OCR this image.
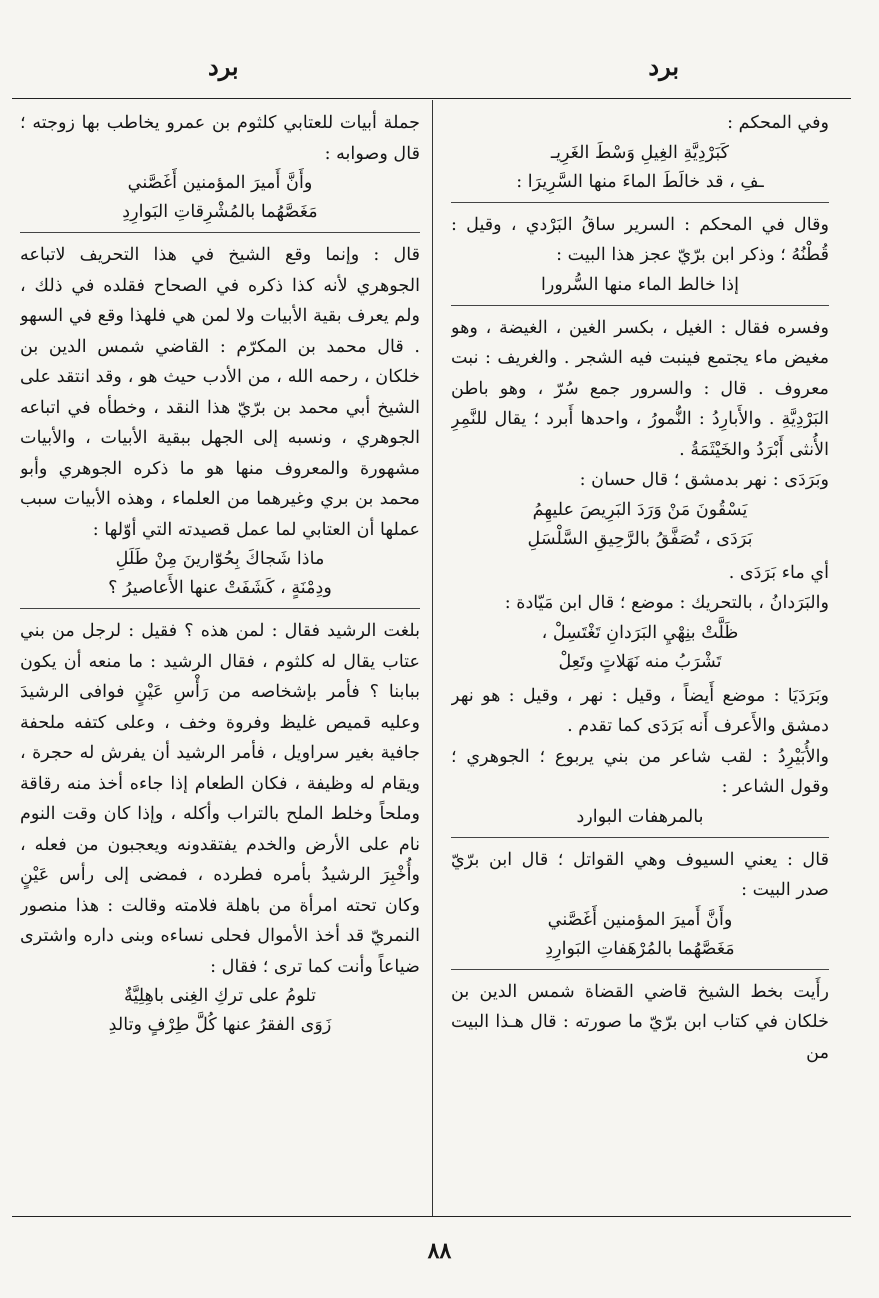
برد
برد

وفي المحكم :

كَبَرْدِيَّةِ الغِيلِ وَسْطَ الغَرِيـ
ـفِ ، قد خالَطَ الماءَ منها السَّرِيرَا :

وقال في المحكم : السرير ساقُ البَرْدي ، وقيل : قُطْنُهُ ؛ وذكر ابن برّيّ عجز هذا البيت :

إذا خالط الماء منها السُّرورا

وفسره فقال : الغيل ، بكسر الغين ، الغيضة ، وهو مغيض ماء يجتمع فينبت فيه الشجر . والغريف : نبت معروف . قال : والسرور جمع سُرّ ، وهو باطن البَرْدِيَّةِ . والأَبارِدُ : النُّمورُ ، واحدها أَبرد ؛ يقال للنَّمِرِ الأُنثى أَبْرَدُ والخَيْثَمَةُ .

وبَرَدَى : نهر بدمشق ؛ قال حسان :

يَسْقُونَ مَنْ وَرَدَ البَرِيصَ عليهِمُ
بَرَدَى ، تُصَفَّقُ بالرَّحِيقِ السَّلْسَلِ

أي ماء بَرَدَى .

والبَرَدانُ ، بالتحريك : موضع ؛ قال ابن مَيّادة :

ظَلَّتْ بنِهْيِ البَرَدانِ تَغْتَسِلْ ،
تَشْرَبُ منه نَهَلاتٍ وتَعِلْ

وبَرَدَيَا : موضع أَيضاً ، وقيل : نهر ، وقيل : هو نهر دمشق والأَعرف أَنه بَرَدَى كما تقدم .

والأُبَيْرِدُ : لقب شاعر من بني يربوع ؛ الجوهري ؛ وقول الشاعر :

بالمرهفات البوارد

قال : يعني السيوف وهي القواتل ؛ قال ابن برّيّ صدر البيت :

وأَنَّ أَميرَ المؤمنين أَغَصَّني
مَغَصَّهُما بالمُرْهَفاتِ البَوارِدِ

رأَيت بخط الشيخ قاضي القضاة شمس الدين بن خلكان في كتاب ابن برّيّ ما صورته : قال هـذا البيت من

جملة أبيات للعتابي كلثوم بن عمرو يخاطب بها زوجته ؛ قال وصوابه :

وأَنَّ أَميرَ المؤمنين أَغَصَّني
مَغَصَّهُما بالمُشْرِقاتِ البَوارِدِ

قال : وإنما وقع الشيخ في هذا التحريف لاتباعه الجوهري لأنه كذا ذكره في الصحاح فقلده في ذلك ، ولم يعرف بقية الأبيات ولا لمن هي فلهذا وقع في السهو . قال محمد بن المكرّم : القاضي شمس الدين بن خلكان ، رحمه الله ، من الأدب حيث هو ، وقد انتقد على الشيخ أبي محمد بن برّيّ هذا النقد ، وخطأه في اتباعه الجوهري ، ونسبه إلى الجهل ببقية الأبيات ، والأبيات مشهورة والمعروف منها هو ما ذكره الجوهري وأبو محمد بن بري وغيرهما من العلماء ، وهذه الأبيات سبب عملها أن العتابي لما عمل قصيدته التي أوّلها :

ماذا شَجاكَ بِحُوّارينَ مِنْ طَلَلِ
ودِمْنَةٍ ، كَشَفَتْ عنها الأَعاصيرُ ؟

بلغت الرشيد فقال : لمن هذه ؟ فقيل : لرجل من بني عتاب يقال له كلثوم ، فقال الرشيد : ما منعه أن يكون ببابنا ؟ فأمر بإشخاصه من رَأْسِ عَيْنٍ فوافى الرشيدَ وعليه قميص غليظ وفروة وخف ، وعلى كتفه ملحفة جافية بغير سراويل ، فأمر الرشيد أن يفرش له حجرة ، ويقام له وظيفة ، فكان الطعام إذا جاءه أخذ منه رقاقة وملحاً وخلط الملح بالتراب وأكله ، وإذا كان وقت النوم نام على الأرض والخدم يفتقدونه ويعجبون من فعله ، وأُخْبِرَ الرشيدُ بأمره فطرده ، فمضى إلى رأس عَيْنٍ وكان تحته امرأة من باهلة فلامته وقالت : هذا منصور النمريّ قد أخذ الأموال فحلى نساءه وبنى داره واشترى ضياعاً وأنت كما ترى ؛ فقال :

تلومُ على تركِ الغِنى باهِلِيَّةٌ
زَوَى الفقرُ عنها كُلَّ طِرْفٍ وتالدِ
٨٨
